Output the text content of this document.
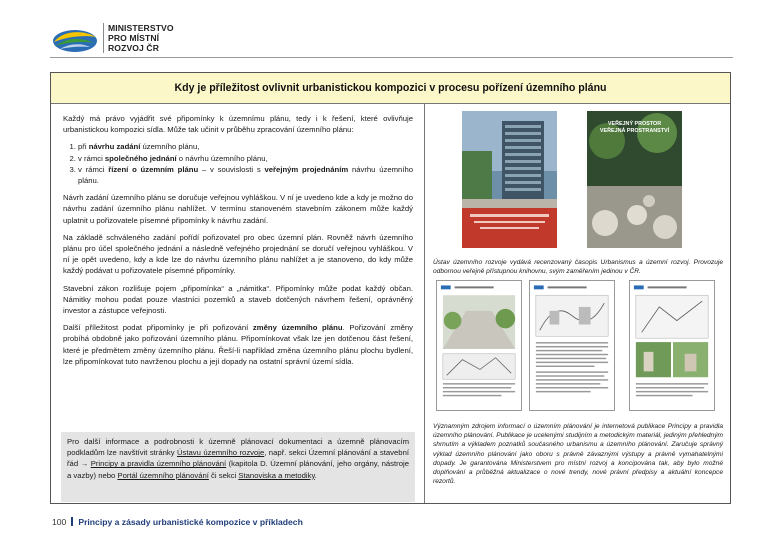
MINISTERSTVO
PRO MÍSTNÍ
ROZVOJ ČR
Kdy je příležitost ovlivnit urbanistickou kompozici v procesu pořízení územního plánu

Každý má právo vyjádřit své připomínky k územnímu plánu, tedy i k řešení, které ovlivňuje urbanistickou kompozici sídla. Může tak učinit v průběhu zpracování územního plánu:

1. při návrhu zadání územního plánu,
2. v rámci společného jednání o návrhu územního plánu,
3. v rámci řízení o územním plánu – v souvislosti s veřejným projednáním návrhu územního plánu.

Návrh zadání územního plánu se doručuje veřejnou vyhláškou. V ní je uvedeno kde a kdy je možno do návrhu zadání územního plánu nahlížet. V termínu stanoveném stavebním zákonem může každý uplatnit u pořizovatele písemné připomínky k návrhu zadání.

Na základě schváleného zadání pořídí pořizovatel pro obec územní plán. Rovněž návrh územního plánu pro účel společného jednání a následně veřejného projednání se doručí veřejnou vyhláškou. V ní je opět uvedeno, kdy a kde lze do návrhu územního plánu nahlížet a je stanoveno, do kdy může každý podávat u pořizovatele písemné připomínky.

Stavební zákon rozlišuje pojem „připomínka“ a „námitka“. Připomínky může podat každý občan. Námitky mohou podat pouze vlastníci pozemků a staveb dotčených návrhem řešení, oprávněný investor a zástupce veřejnosti.

Další příležitost podat připomínky je při pořizování změny územního plánu. Pořizování změny probíhá obdobně jako pořizování územního plánu. Připomínkovat však lze jen dotčenou část řešení, které je předmětem změny územního plánu. Řeší-li například změna územního plánu plochu bydlení, lze připomínkovat tuto navrženou plochu a její dopady na ostatní správní území sídla.

Pro další informace a podrobnosti k územně plánovací dokumentaci a územně plánovacím podkladům lze navštívit stránky Ústavu územního rozvoje, např. sekci Územní plánování a stavební řád → Principy a pravidla územního plánování (kapitola D. Územní plánování, jeho orgány, nástroje a vazby) nebo Portál územního plánování či sekci Stanoviska a metodiky.
VEŘEJNÝ PROSTOR
VEŘEJNÁ PROSTRANSTVÍ
Ústav územního rozvoje vydává recenzovaný časopis Urbanismus a územní rozvoj. Provozuje odbornou veřejně přístupnou knihovnu, svým zaměřením jedinou v ČR.
Významným zdrojem informací o územním plánování je internetová publikace Principy a pravidla územního plánování. Publikace je ucelenými studijním a metodickým materiál, jediným přehledným shrnutím a výkladem poznatků současného urbanismu a územního plánování. Zaručuje správný výklad územního plánování jako oboru s právně závaznými výstupy a právně vymahatelnými dopady. Je garantována Ministerstvem pro místní rozvoj a koncipována tak, aby bylo možné doplňování a průběžná aktualizace o nové trendy, nové právní předpisy a aktuální koncepce rezortů.
100 Principy a zásady urbanistické kompozice v příkladech
